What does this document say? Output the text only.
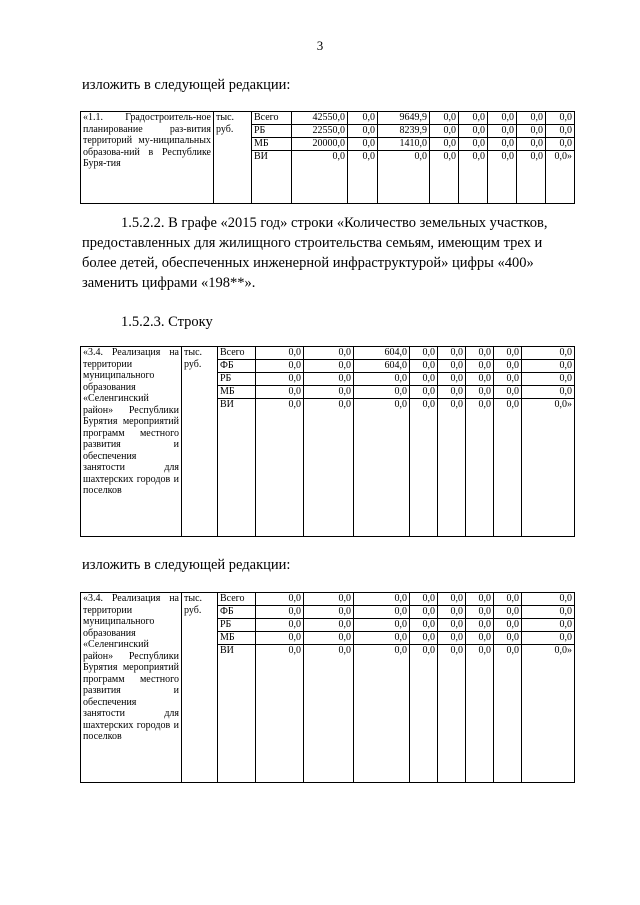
3

изложить в следующей редакции:

«1.1. Градостроитель-ное планирование раз-вития территорий му-ниципальных образова-ний в Республике Буря-тия	тыс. руб.	Всего	42550,0	0,0	9649,9	0,0	0,0	0,0	0,0	0,0
		РБ	22550,0	0,0	8239,9	0,0	0,0	0,0	0,0	0,0
		МБ	20000,0	0,0	1410,0	0,0	0,0	0,0	0,0	0,0
		ВИ	0,0	0,0	0,0	0,0	0,0	0,0	0,0	0,0»

1.5.2.2. В графе «2015 год» строки «Количество земельных участков,

предоставленных для жилищного строительства семьям, имеющим трех и

более детей, обеспеченных инженерной инфраструктурой» цифры «400»

заменить цифрами «198**».

1.5.2.3. Строку

«3.4. Реализация на территории муниципального образования «Селенгинский район» Республики Бурятия мероприятий программ местного развития и обеспечения занятости для шахтерских городов и поселков	тыс. руб.	Всего	0,0	0,0	604,0	0,0	0,0	0,0	0,0	0,0
		ФБ	0,0	0,0	604,0	0,0	0,0	0,0	0,0	0,0
		РБ	0,0	0,0	0,0	0,0	0,0	0,0	0,0	0,0
		МБ	0,0	0,0	0,0	0,0	0,0	0,0	0,0	0,0
		ВИ	0,0	0,0	0,0	0,0	0,0	0,0	0,0	0,0»

изложить в следующей редакции:

«3.4. Реализация на территории муниципального образования «Селенгинский район» Республики Бурятия мероприятий программ местного развития и обеспечения занятости для шахтерских городов и поселков	тыс. руб.	Всего	0,0	0,0	0,0	0,0	0,0	0,0	0,0	0,0
		ФБ	0,0	0,0	0,0	0,0	0,0	0,0	0,0	0,0
		РБ	0,0	0,0	0,0	0,0	0,0	0,0	0,0	0,0
		МБ	0,0	0,0	0,0	0,0	0,0	0,0	0,0	0,0
		ВИ	0,0	0,0	0,0	0,0	0,0	0,0	0,0	0,0»
